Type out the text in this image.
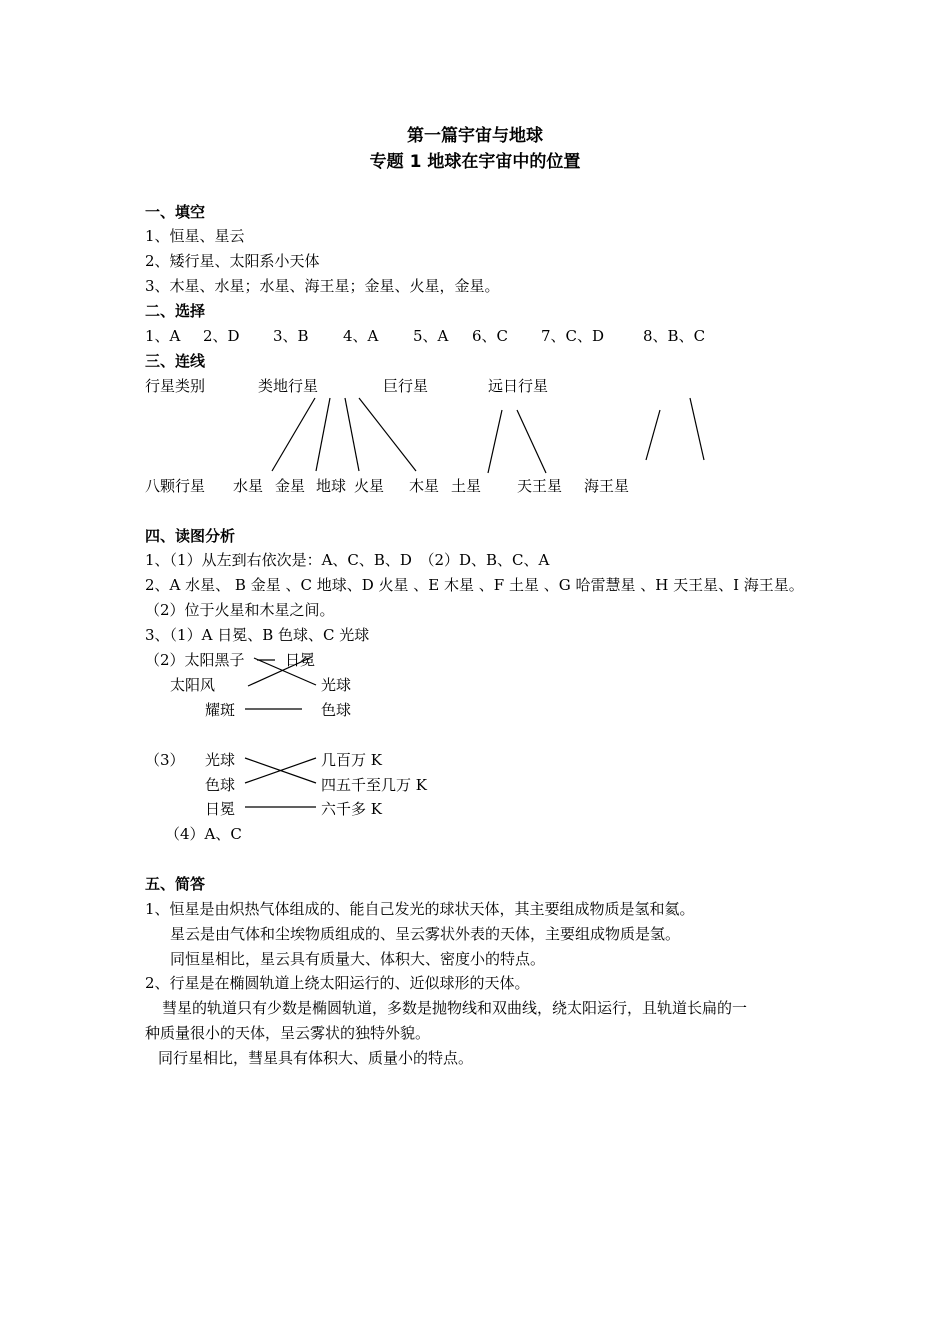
第一篇宇宙与地球
专题 1 地球在宇宙中的位置
一、填空
1、恒星、星云
2、矮行星、太阳系小天体
3、木星、水星；水星、海王星；金星、火星，金星。
二、选择
1、A 2、D 3、B 4、A 5、A 6、C 7、C、D	8、B、C
三、连线
行星类别	类地行星	巨行星	远日行星
八颗行星 水星 金星 地球 火星 木星 土星 天王星 海王星
四、读图分析
1、（1）从左到右依次是：A、C、B、D　（2）D、B、C、A
2、A 水星、 B 金星 、C 地球、D 火星 、E 木星 、F 土星 、G 哈雷慧星 、H 天王星、I 海王星。
（2）位于火星和木星之间。
3、（1）A 日冕、B 色球、C 光球
（2）太阳黑子
太阳风
耀斑
日冕
光球
色球
（3） 光球
色球
日冕
几百万 K
四五千至几万 K
六千多 K
（4）A、C
五、简答
1、恒星是由炽热气体组成的、能自己发光的球状天体，其主要组成物质是氢和氦。
星云是由气体和尘埃物质组成的、呈云雾状外表的天体，主要组成物质是氢。
同恒星相比，星云具有质量大、体积大、密度小的特点。
2、行星是在椭圆轨道上绕太阳运行的、近似球形的天体。
彗星的轨道只有少数是椭圆轨道，多数是抛物线和双曲线，绕太阳运行，且轨道长扁的一
种质量很小的天体，呈云雾状的独特外貌。
同行星相比，彗星具有体积大、质量小的特点。
